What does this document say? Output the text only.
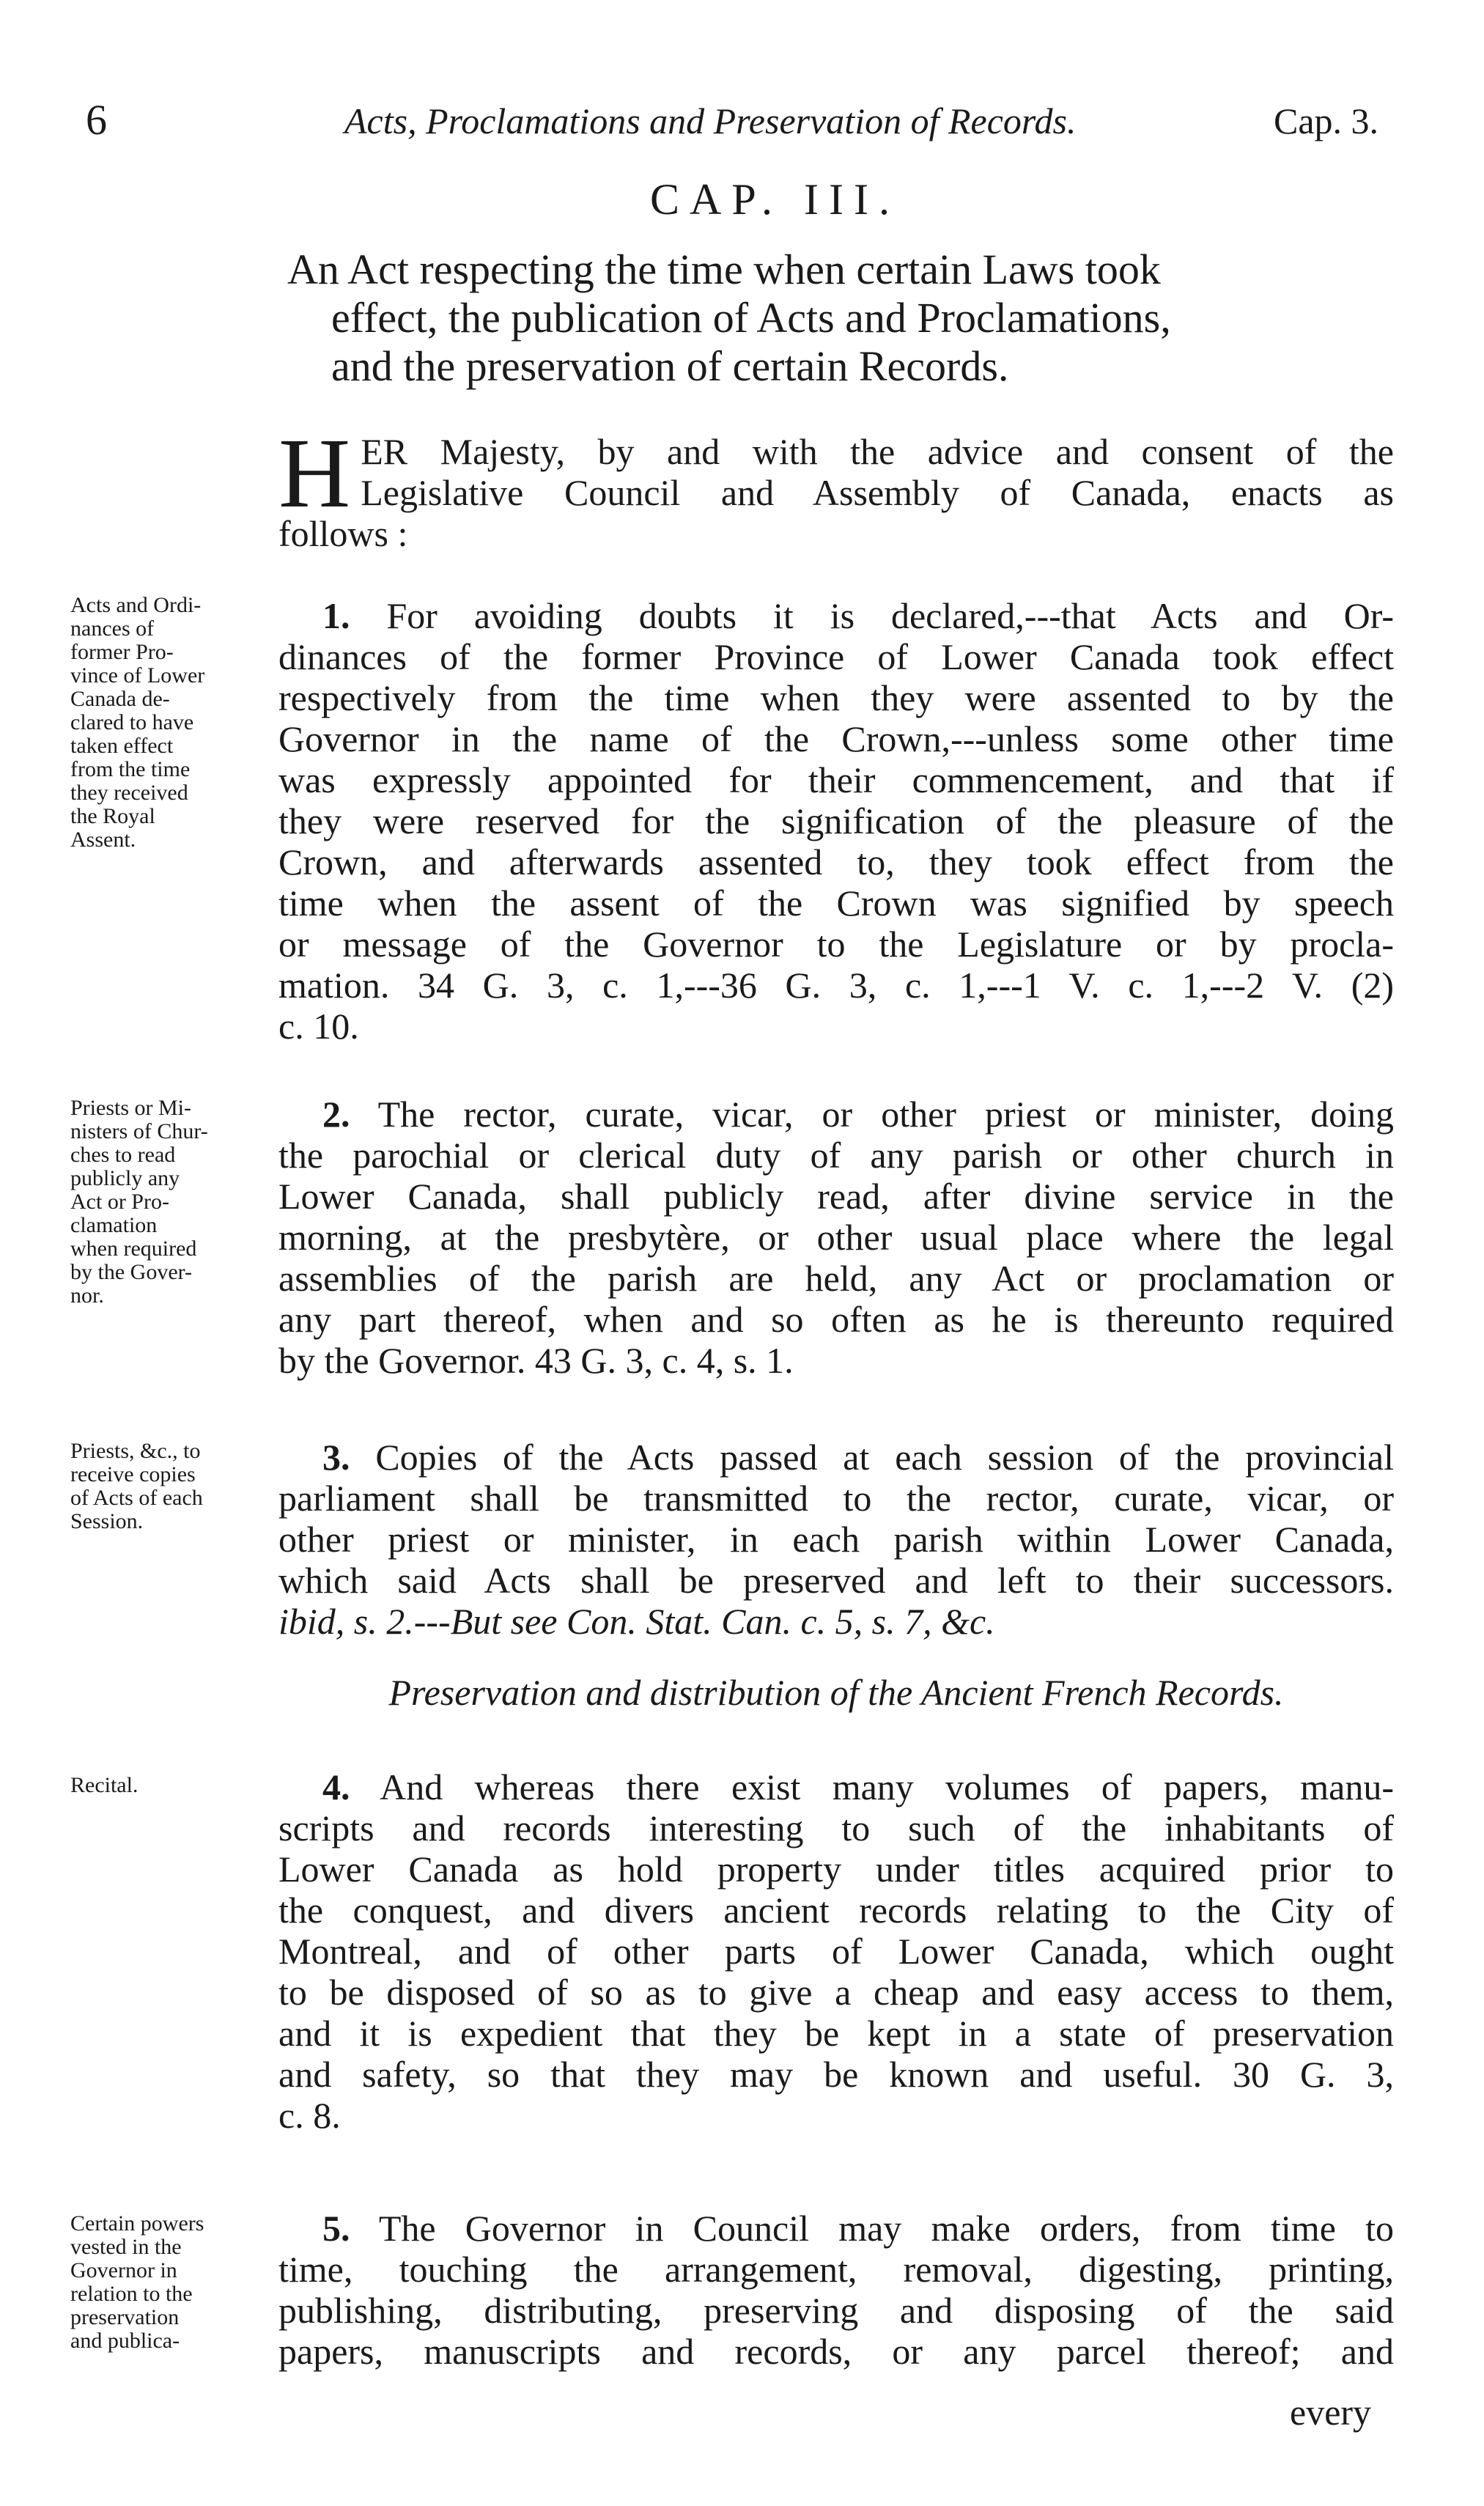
6	Acts, Proclamations and Preservation of Records.	Cap. 3.
CAP. III.
An Act respecting the time when certain Laws took
effect, the publication of Acts and Proclamations,
and the preservation of certain Records.
H ER Majesty, by and with the advice and consent of the
Legislative Council and Assembly of Canada, enacts as
follows :
Acts and Ordi-
nances of
former Pro-
vince of Lower
Canada de-
clared to have
taken effect
from the time
they received
the Royal
Assent.
1. For avoiding doubts it is declared,---that Acts and Or-
dinances of the former Province of Lower Canada took effect
respectively from the time when they were assented to by the
Governor in the name of the Crown,---unless some other time
was expressly appointed for their commencement, and that if
they were reserved for the signification of the pleasure of the
Crown, and afterwards assented to, they took effect from the
time when the assent of the Crown was signified by speech
or message of the Governor to the Legislature or by procla-
mation. 34 G. 3, c. 1,---36 G. 3, c. 1,---1 V. c. 1,---2 V. (2)
c. 10.
Priests or Mi-
nisters of Chur-
ches to read
publicly any
Act or Pro-
clamation
when required
by the Gover-
nor.
2. The rector, curate, vicar, or other priest or minister, doing
the parochial or clerical duty of any parish or other church in
Lower Canada, shall publicly read, after divine service in the
morning, at the presbytère, or other usual place where the legal
assemblies of the parish are held, any Act or proclamation or
any part thereof, when and so often as he is thereunto required
by the Governor. 43 G. 3, c. 4, s. 1.
Priests, &c., to
receive copies
of Acts of each
Session.
3. Copies of the Acts passed at each session of the provincial
parliament shall be transmitted to the rector, curate, vicar, or
other priest or minister, in each parish within Lower Canada,
which said Acts shall be preserved and left to their successors.
ibid, s. 2.---But see Con. Stat. Can. c. 5, s. 7, &c.
Preservation and distribution of the Ancient French Records.
Recital.	4. And whereas there exist many volumes of papers, manu-
scripts and records interesting to such of the inhabitants of
Lower Canada as hold property under titles acquired prior to
the conquest, and divers ancient records relating to the City of
Montreal, and of other parts of Lower Canada, which ought
to be disposed of so as to give a cheap and easy access to them,
and it is expedient that they be kept in a state of preservation
and safety, so that they may be known and useful. 30 G. 3,
c. 8.
Certain powers
vested in the
Governor in
relation to the
preservation
and publica-
5. The Governor in Council may make orders, from time to
time, touching the arrangement, removal, digesting, printing,
publishing, distributing, preserving and disposing of the said
papers, manuscripts and records, or any parcel thereof; and
every
